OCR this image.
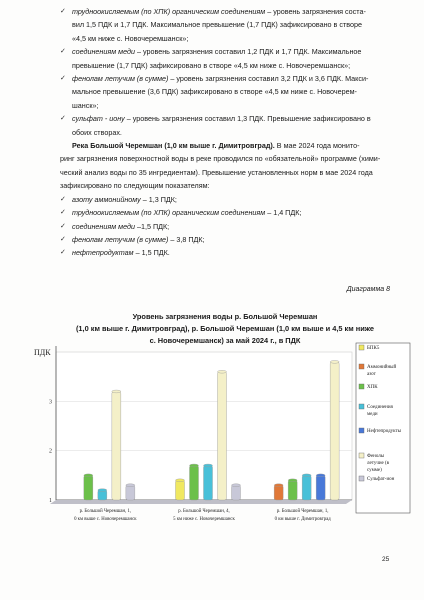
✓ трудноокисляемым (по ХПК) органическим соединениям – уровень загрязнения соста-
вил 1,5 ПДК и 1,7 ПДК. Максимальное превышение (1,7 ПДК) зафиксировано в створе
«4,5 км ниже с. Новочеремшанск»;
✓ соединениям меди – уровень загрязнения составил 1,2 ПДК и 1,7 ПДК. Максимальное
превышение (1,7 ПДК) зафиксировано в створе «4,5 км ниже с. Новочеремшанск»;
✓ фенолам летучим (в сумме) – уровень загрязнения составил 3,2 ПДК и 3,6 ПДК. Макси-
мальное превышение (3,6 ПДК) зафиксировано в створе «4,5 км ниже с. Новочерем-
шанск»;
✓ сульфат - иону – уровень загрязнения составил 1,3 ПДК. Превышение зафиксировано в
обоих створах.
Река Большой Черемшан (1,0 км выше г. Димитровград). В мае 2024 года монито-
ринг загрязнения поверхностной воды в реке проводился по «обязательной» программе (хими-
ческий анализ воды по 35 ингредиентам). Превышение установленных норм в мае 2024 года
зафиксировано по следующим показателям:
✓ азоту аммонийному – 1,3 ПДК;
✓ трудноокисляемым (по ХПК) органическим соединениям – 1,4 ПДК;
✓ соединениям меди –1,5 ПДК;
✓ фенолам летучим (в сумме) – 3,8 ПДК;
✓ нефтепродуктам – 1,5 ПДК.
Диаграмма 8
Уровень загрязнения воды р. Большой Черемшан
(1,0 км выше г. Димитровград), р. Большой Черемшан (1,0 км выше и 4,5 км ниже
с. Новочеремшанск) за май 2024 г., в ПДК
1
2
3
ПДК
р. Большой Черемшан, 1,
0 км выше с. Новочеремшанск
р. Большой Черемшан, 4,
5 км ниже с. Новочеремшанск
р. Большой Черемшан, 1,
0 км выше г. Димитровград
БПК5
Аммонийный
азот
ХПК
Соединения
меди
Нефтепродукты
Фенолы
летучие (в
сумме)
Сульфат-ион
25
